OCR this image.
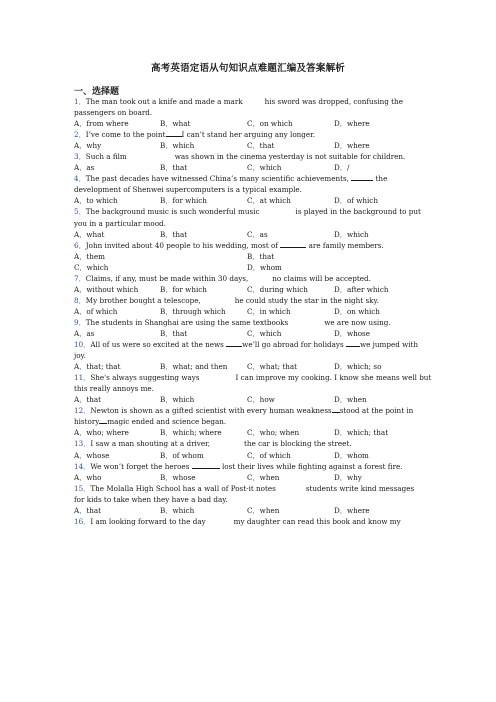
高考英语定语从句知识点难题汇编及答案解析
一、选择题
1．The man took out a knife and made a mark	his sword was dropped, confusing the
passengers on board.
A．from where	B．what	C．on which	D．where
2．I’ve come to the point I can’t stand her arguing any longer.
A．why	B．which	C．that	D．where
3．Such a film	was shown in the cinema yesterday is not suitable for children.
A．as	B．that	C．which	D．/
4．The past decades have witnessed China’s many scientific achievements,	the
development of Shenwei supercomputers is a typical example.
A．to which	B．for which	C．at which	D．of which
5．The background music is such wonderful music	is played in the background to put
you in a particular mood.
A．what	B．that	C．as	D．which
6．John invited about 40 people to his wedding, most of	are family members.
A．them	B．that
C．which	D．whom
7．Claims, if any, must be made within 30 days,	no claims will be accepted.
A．without which	B．for which	C．during which	D．after which
8．My brother bought a telescope,	he could study the star in the night sky.
A．of which	B．through which	C．in which	D．on which
9．The students in Shanghai are using the same textbooks	we are now using.
A．as	B．that	C．which	D．whose
10．All of us were so excited at the news	we’ll go abroad for holidays we jumped with
joy.
A．that; that	B．what; and then	C．what; that	D．which; so
11．She's always suggesting ways	I can improve my cooking. I know she means well but
this really annoys me.
A．that	B．which	C．how	D．when
12．Newton is shown as a gifted scientist with every human weakness stood at the point in
history magic ended and science began.
A．who; where	B．which; where	C．who; when	D．which; that
13．I saw a man shouting at a driver,	the car is blocking the street.
A．whose	B．of whom	C．of which	D．whom
14．We won’t forget the heroes	lost their lives while fighting against a forest fire.
A．who	B．whose	C．when	D．why
15．The Molalla High School has a wall of Post-it notes	students write kind messages
for kids to take when they have a bad day.
A．that	B．which	C．when	D．where
16．I am looking forward to the day	my daughter can read this book and know my
